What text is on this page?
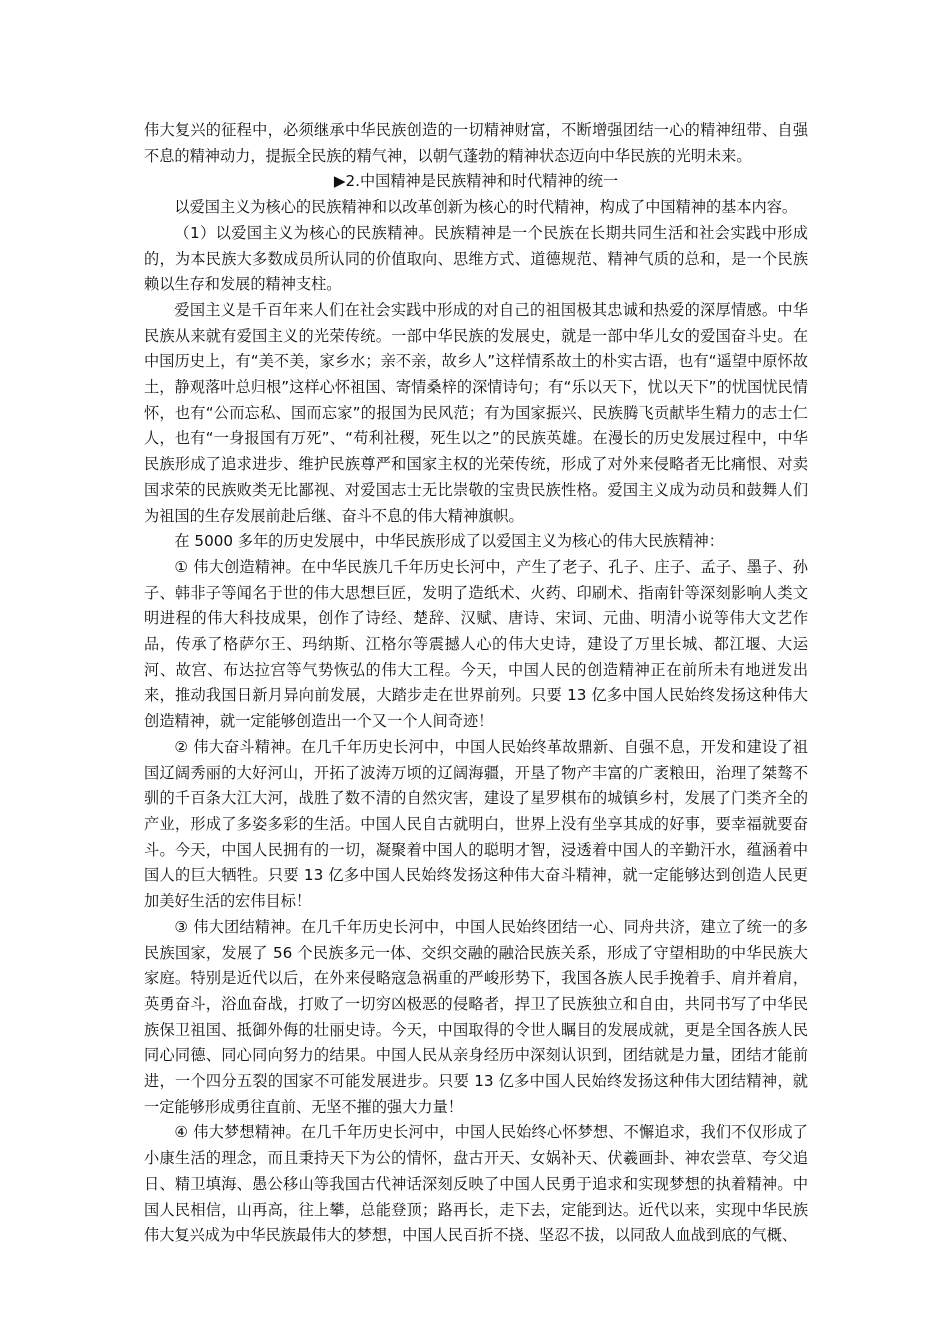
伟大复兴的征程中，必须继承中华民族创造的一切精神财富，不断增强团结一心的精神纽带、自强不息的精神动力，提振全民族的精气神，以朝气蓬勃的精神状态迈向中华民族的光明未来。

▶2.中国精神是民族精神和时代精神的统一

以爱国主义为核心的民族精神和以改革创新为核心的时代精神，构成了中国精神的基本内容。

（1）以爱国主义为核心的民族精神。民族精神是一个民族在长期共同生活和社会实践中形成的，为本民族大多数成员所认同的价值取向、思维方式、道德规范、精神气质的总和，是一个民族赖以生存和发展的精神支柱。

爱国主义是千百年来人们在社会实践中形成的对自己的祖国极其忠诚和热爱的深厚情感。中华民族从来就有爱国主义的光荣传统。一部中华民族的发展史，就是一部中华儿女的爱国奋斗史。在中国历史上，有“美不美，家乡水；亲不亲，故乡人”这样情系故土的朴实古语，也有“遥望中原怀故土，静观落叶总归根”这样心怀祖国、寄情桑梓的深情诗句；有“乐以天下，忧以天下”的忧国忧民情怀，也有“公而忘私、国而忘家”的报国为民风范；有为国家振兴、民族腾飞贡献毕生精力的志士仁人，也有“一身报国有万死”、“苟利社稷，死生以之”的民族英雄。在漫长的历史发展过程中，中华民族形成了追求进步、维护民族尊严和国家主权的光荣传统，形成了对外来侵略者无比痛恨、对卖国求荣的民族败类无比鄙视、对爱国志士无比崇敬的宝贵民族性格。爱国主义成为动员和鼓舞人们为祖国的生存发展前赴后继、奋斗不息的伟大精神旗帜。

在 5000 多年的历史发展中，中华民族形成了以爱国主义为核心的伟大民族精神：

① 伟大创造精神。在中华民族几千年历史长河中，产生了老子、孔子、庄子、孟子、墨子、孙子、韩非子等闻名于世的伟大思想巨匠，发明了造纸术、火药、印刷术、指南针等深刻影响人类文明进程的伟大科技成果，创作了诗经、楚辞、汉赋、唐诗、宋词、元曲、明清小说等伟大文艺作品，传承了格萨尔王、玛纳斯、江格尔等震撼人心的伟大史诗，建设了万里长城、都江堰、大运河、故宫、布达拉宫等气势恢弘的伟大工程。今天，中国人民的创造精神正在前所未有地迸发出来，推动我国日新月异向前发展，大踏步走在世界前列。只要 13 亿多中国人民始终发扬这种伟大创造精神，就一定能够创造出一个又一个人间奇迹！

② 伟大奋斗精神。在几千年历史长河中，中国人民始终革故鼎新、自强不息，开发和建设了祖国辽阔秀丽的大好河山，开拓了波涛万顷的辽阔海疆，开垦了物产丰富的广袤粮田，治理了桀骜不驯的千百条大江大河，战胜了数不清的自然灾害，建设了星罗棋布的城镇乡村，发展了门类齐全的产业，形成了多姿多彩的生活。中国人民自古就明白，世界上没有坐享其成的好事，要幸福就要奋斗。今天，中国人民拥有的一切，凝聚着中国人的聪明才智，浸透着中国人的辛勤汗水，蕴涵着中国人的巨大牺牲。只要 13 亿多中国人民始终发扬这种伟大奋斗精神，就一定能够达到创造人民更加美好生活的宏伟目标！

③ 伟大团结精神。在几千年历史长河中，中国人民始终团结一心、同舟共济，建立了统一的多民族国家，发展了 56 个民族多元一体、交织交融的融洽民族关系，形成了守望相助的中华民族大家庭。特别是近代以后，在外来侵略寇急祸重的严峻形势下，我国各族人民手挽着手、肩并着肩，英勇奋斗，浴血奋战，打败了一切穷凶极恶的侵略者，捍卫了民族独立和自由，共同书写了中华民族保卫祖国、抵御外侮的壮丽史诗。今天，中国取得的令世人瞩目的发展成就，更是全国各族人民同心同德、同心同向努力的结果。中国人民从亲身经历中深刻认识到，团结就是力量，团结才能前进，一个四分五裂的国家不可能发展进步。只要 13 亿多中国人民始终发扬这种伟大团结精神，就一定能够形成勇往直前、无坚不摧的强大力量！

④ 伟大梦想精神。在几千年历史长河中，中国人民始终心怀梦想、不懈追求，我们不仅形成了小康生活的理念，而且秉持天下为公的情怀，盘古开天、女娲补天、伏羲画卦、神农尝草、夸父追日、精卫填海、愚公移山等我国古代神话深刻反映了中国人民勇于追求和实现梦想的执着精神。中国人民相信，山再高，往上攀，总能登顶；路再长，走下去，定能到达。近代以来，实现中华民族伟大复兴成为中华民族最伟大的梦想，中国人民百折不挠、坚忍不拔，以同敌人血战到底的气概、
